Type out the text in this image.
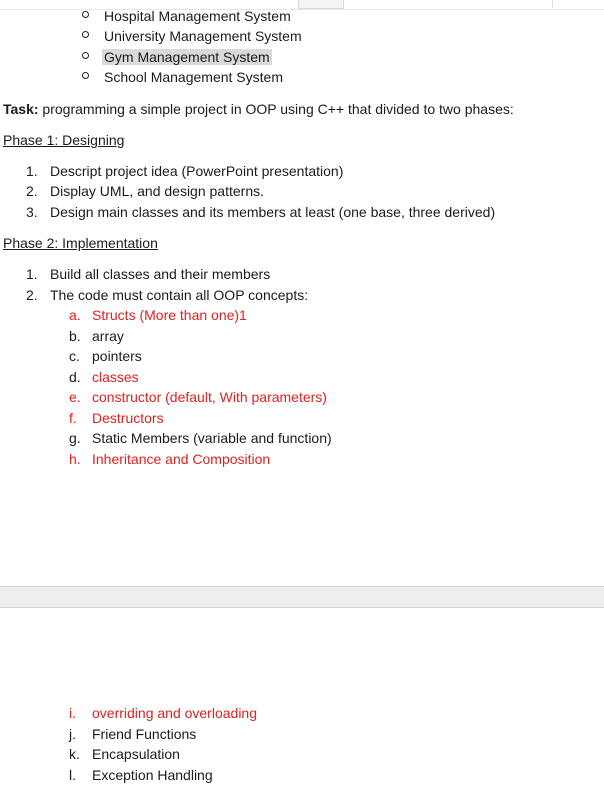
Hospital Management System
University Management System
Gym Management System
School Management System
Task: programming a simple project in OOP using C++ that divided to two phases:
Phase 1: Designing
1. Descript project idea (PowerPoint presentation)
2. Display UML, and design patterns.
3. Design main classes and its members at least (one base, three derived)
Phase 2: Implementation
1. Build all classes and their members
2. The code must contain all OOP concepts:
a. Structs (More than one)1
b. array
c. pointers
d. classes
e. constructor (default, With parameters)
f. Destructors
g. Static Members (variable and function)
h. Inheritance and Composition
i. overriding and overloading
j. Friend Functions
k. Encapsulation
l. Exception Handling
